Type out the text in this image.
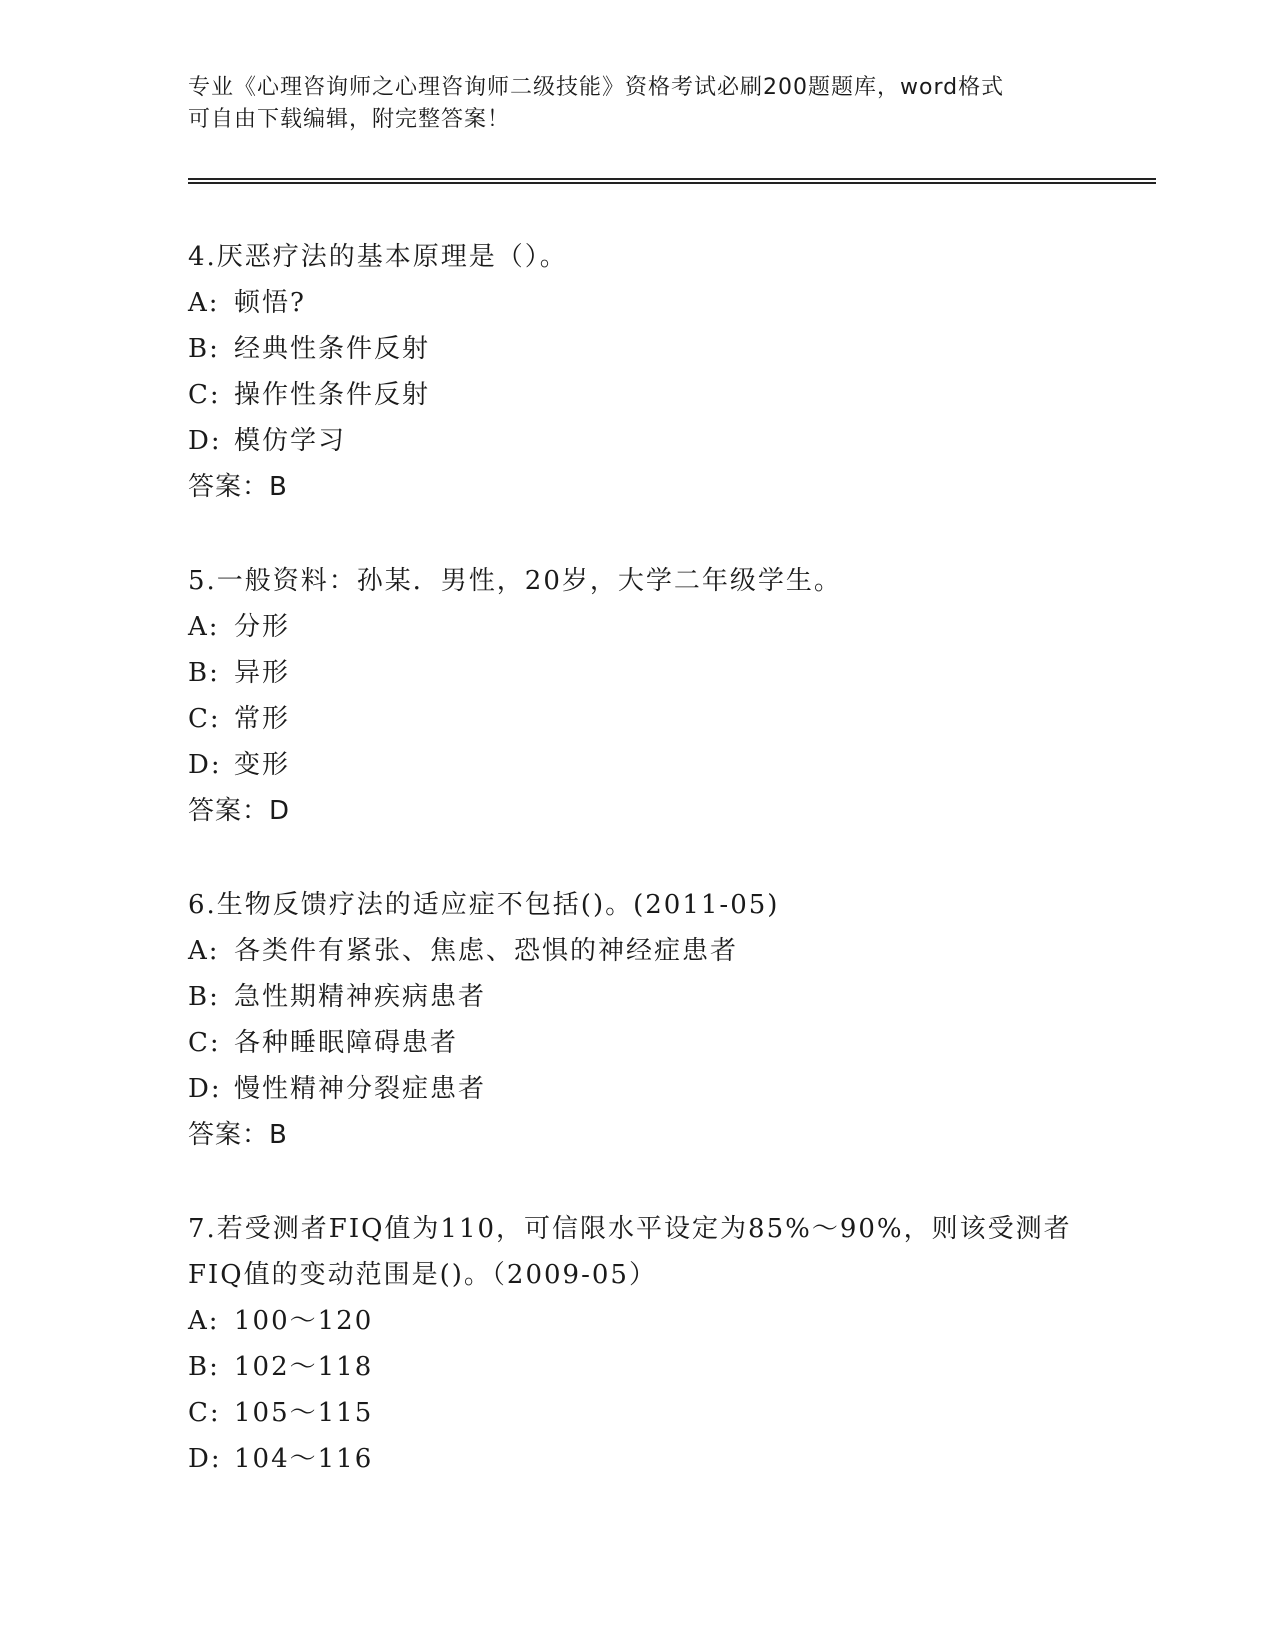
专业《心理咨询师之心理咨询师二级技能》资格考试必刷200题题库，word格式
可自由下载编辑，附完整答案！
4.厌恶疗法的基本原理是（）。
A: 顿悟?
B: 经典性条件反射
C: 操作性条件反射
D: 模仿学习
答案：B
5.一般资料：孙某．男性，20岁，大学二年级学生。
A: 分形
B: 异形
C: 常形
D: 变形
答案：D
6.生物反馈疗法的适应症不包括()。(2011-05)
A: 各类件有紧张、焦虑、恐惧的神经症患者
B: 急性期精神疾病患者
C: 各种睡眠障碍患者
D: 慢性精神分裂症患者
答案：B
7.若受测者FIQ值为110，可信限水平设定为85%～90%，则该受测者
FIQ值的变动范围是()。（2009-05）
A: 100～120
B: 102～118
C: 105～115
D: 104～116
